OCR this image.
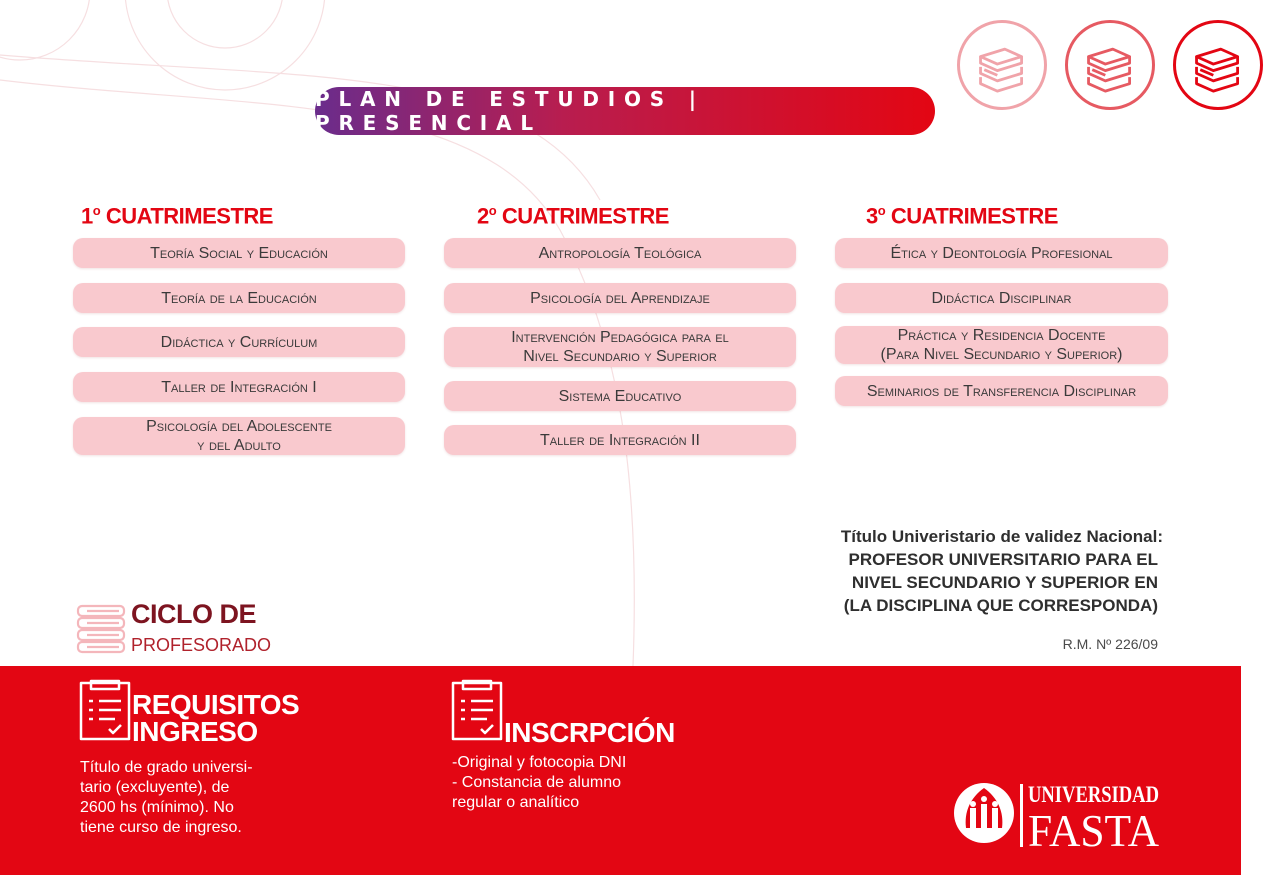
PLAN DE ESTUDIOS | PRESENCIAL
1$^o$ CUATRIMESTRE
Teoría Social y Educación
Teoría de la Educación
Didáctica y Currículum
Taller de Integración I
Psicología del Adolescente
y del Adulto
2$^o$ CUATRIMESTRE
Antropología Teológica
Psicología del Aprendizaje
Intervención Pedagógica para el
Nivel Secundario y Superior
Sistema Educativo
Taller de Integración II
3$^o$ CUATRIMESTRE
Ética y Deontología Profesional
Didáctica Disciplinar
Práctica y Residencia Docente
(Para Nivel Secundario y Superior)
Seminarios de Transferencia Disciplinar
Título Univeristario de validez Nacional:
PROFESOR UNIVERSITARIO PARA EL
NIVEL SECUNDARIO Y SUPERIOR EN
(LA DISCIPLINA QUE CORRESPONDA)
R.M. Nº 226/09
CICLO DE
PROFESORADO
REQUISITOS
INGRESO
Título de grado universi-
tario (excluyente), de
2600 hs (mínimo). No
tiene curso de ingreso.
INSCRPCIÓN
-Original y fotocopia DNI
- Constancia de alumno
regular o analítico	UNIVERSIDAD
FASTA
